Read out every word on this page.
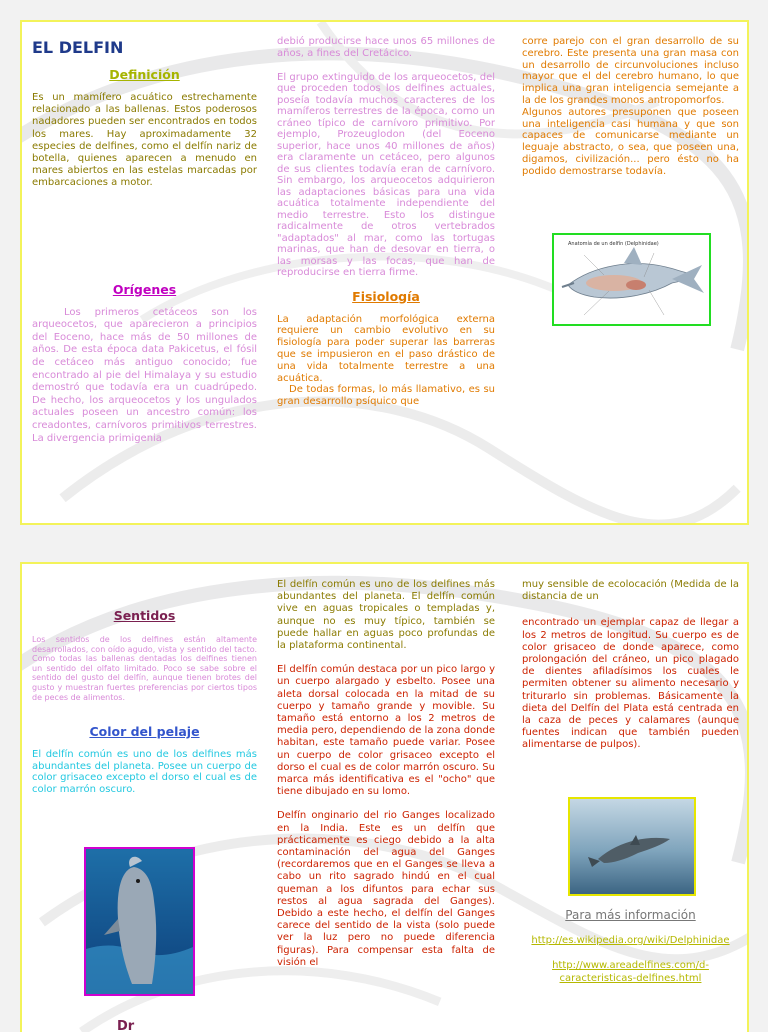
EL DELFIN
Definición

Es un mamífero acuático estrechamente relacionado a las ballenas. Estos poderosos nadadores pueden ser encontrados en todos los mares. Hay aproximadamente 32 especies de delfines, como el delfín nariz de botella, quienes aparecen a menudo en mares abiertos en las estelas marcadas por embarcaciones a motor.

Orígenes

Los primeros cetáceos son los arqueocetos, que aparecieron a principios del Eoceno, hace más de 50 millones de años. De esta época data Pakicetus, el fósil de cetáceo más antiguo conocido; fue encontrado al pie del Himalaya y su estudio demostró que todavía era un cuadrúpedo. De hecho, los arqueocetos y los ungulados actuales poseen un ancestro común: los creadontes, carnívoros primitivos terrestres. La divergencia primigenia

debió producirse hace unos 65 millones de años, a fines del Cretácico.

El grupo extinguido de los arqueocetos, del que proceden todos los delfines actuales, poseía todavía muchos caracteres de los mamíferos terrestres de la época, como un cráneo típico de carnívoro primitivo. Por ejemplo, Prozeuglodon (del Eoceno superior, hace unos 40 millones de años) era claramente un cetáceo, pero algunos de sus clientes todavía eran de carnívoro. Sin embargo, los arqueocetos adquirieron las adaptaciones básicas para una vida acuática totalmente independiente del medio terrestre. Esto los distingue radicalmente de otros vertebrados "adaptados" al mar, como las tortugas marinas, que han de desovar en tierra, o las morsas y las focas, que han de reproducirse en tierra firme.

Fisiología

La adaptación morfológica externa requiere un cambio evolutivo en su fisiología para poder superar las barreras que se impusieron en el paso drástico de una vida totalmente terrestre a una acuática.

De todas formas, lo más llamativo, es su gran desarrollo psíquico que

corre parejo con el gran desarrollo de su cerebro. Este presenta una gran masa con un desarrollo de circunvoluciones incluso mayor que el del cerebro humano, lo que implica una gran inteligencia semejante a la de los grandes monos antropomorfos.

Algunos autores presuponen que poseen una inteligencia casi humana y que son capaces de comunicarse mediante un leguaje abstracto, o sea, que poseen una, digamos, civilización... pero ésto no ha podido demostrarse todavía.

Anatomía de un delfín (Delphinidae)
Sentidos

Los sentidos de los delfines están altamente desarrollados, con oído agudo, vista y sentido del tacto. Como todas las ballenas dentadas los delfines tienen un sentido del olfato limitado. Poco se sabe sobre el sentido del gusto del delfín, aunque tienen brotes del gusto y muestran fuertes preferencias por ciertos tipos de peces de alimentos.

Color del pelaje

El delfín común es uno de los delfines más abundantes del planeta. Posee un cuerpo de color grisaceo excepto el dorso el cual es de color marrón oscuro.

Dr

El delfín común es uno de los delfines más abundantes del planeta. El delfín común vive en aguas tropicales o templadas y, aunque no es muy típico, también se puede hallar en aguas poco profundas de la plataforma continental.

El delfín común destaca por un pico largo y un cuerpo alargado y esbelto. Posee una aleta dorsal colocada en la mitad de su cuerpo y tamaño grande y movible. Su tamaño está entorno a los 2 metros de media pero, dependiendo de la zona donde habitan, este tamaño puede variar. Posee un cuerpo de color grisaceo excepto el dorso el cual es de color marrón oscuro. Su marca más identificativa es el "ocho" que tiene dibujado en su lomo.

Delfín onginario del rio Ganges localizado en la India. Este es un delfín que prácticamente es ciego debido a la alta contaminación del agua del Ganges (recordaremos que en el Ganges se lleva a cabo un rito sagrado hindú en el cual queman a los difuntos para echar sus restos al agua sagrada del Ganges). Debido a este hecho, el delfín del Ganges carece del sentido de la vista (solo puede ver la luz pero no puede diferencia figuras). Para compensar esta falta de visión el

muy sensible de ecolocación (Medida de la distancia de un

encontrado un ejemplar capaz de llegar a los 2 metros de longitud. Su cuerpo es de color grisaceo de donde aparece, como prolongación del cráneo, un pico plagado de dientes afiladísimos los cuales le permiten obtener su alimento necesario y triturarlo sin problemas. Básicamente la dieta del Delfín del Plata está centrada en la caza de peces y calamares (aunque fuentes indican que también pueden alimentarse de pulpos).

Para más información
http://es.wikipedia.org/wiki/Delphinidae
http://www.areadelfines.com/d-caracteristicas-delfines.html
